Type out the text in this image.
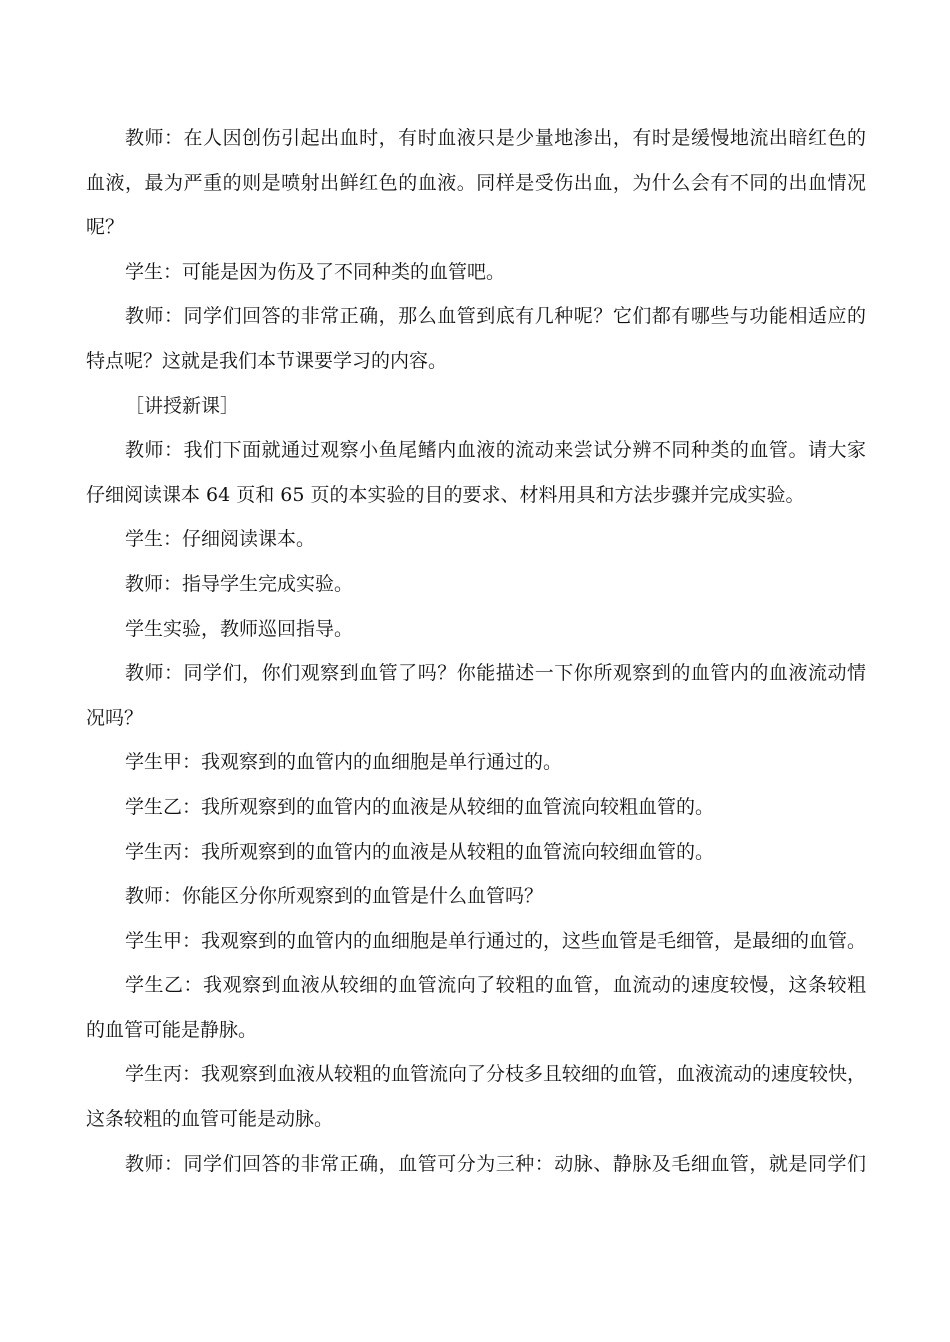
教师：在人因创伤引起出血时，有时血液只是少量地渗出，有时是缓慢地流出暗红色的
血液，最为严重的则是喷射出鲜红色的血液。同样是受伤出血，为什么会有不同的出血情况
呢？
学生：可能是因为伤及了不同种类的血管吧。
教师：同学们回答的非常正确，那么血管到底有几种呢？它们都有哪些与功能相适应的
特点呢？这就是我们本节课要学习的内容。
［讲授新课］
教师：我们下面就通过观察小鱼尾鳍内血液的流动来尝试分辨不同种类的血管。请大家
仔细阅读课本 64 页和 65 页的本实验的目的要求、材料用具和方法步骤并完成实验。
学生：仔细阅读课本。
教师：指导学生完成实验。
学生实验，教师巡回指导。
教师：同学们，你们观察到血管了吗？你能描述一下你所观察到的血管内的血液流动情
况吗？
学生甲：我观察到的血管内的血细胞是单行通过的。
学生乙：我所观察到的血管内的血液是从较细的血管流向较粗血管的。
学生丙：我所观察到的血管内的血液是从较粗的血管流向较细血管的。
教师：你能区分你所观察到的血管是什么血管吗？
学生甲：我观察到的血管内的血细胞是单行通过的，这些血管是毛细管，是最细的血管。
学生乙：我观察到血液从较细的血管流向了较粗的血管，血流动的速度较慢，这条较粗
的血管可能是静脉。
学生丙：我观察到血液从较粗的血管流向了分枝多且较细的血管，血液流动的速度较快，
这条较粗的血管可能是动脉。
教师：同学们回答的非常正确，血管可分为三种：动脉、静脉及毛细血管，就是同学们
